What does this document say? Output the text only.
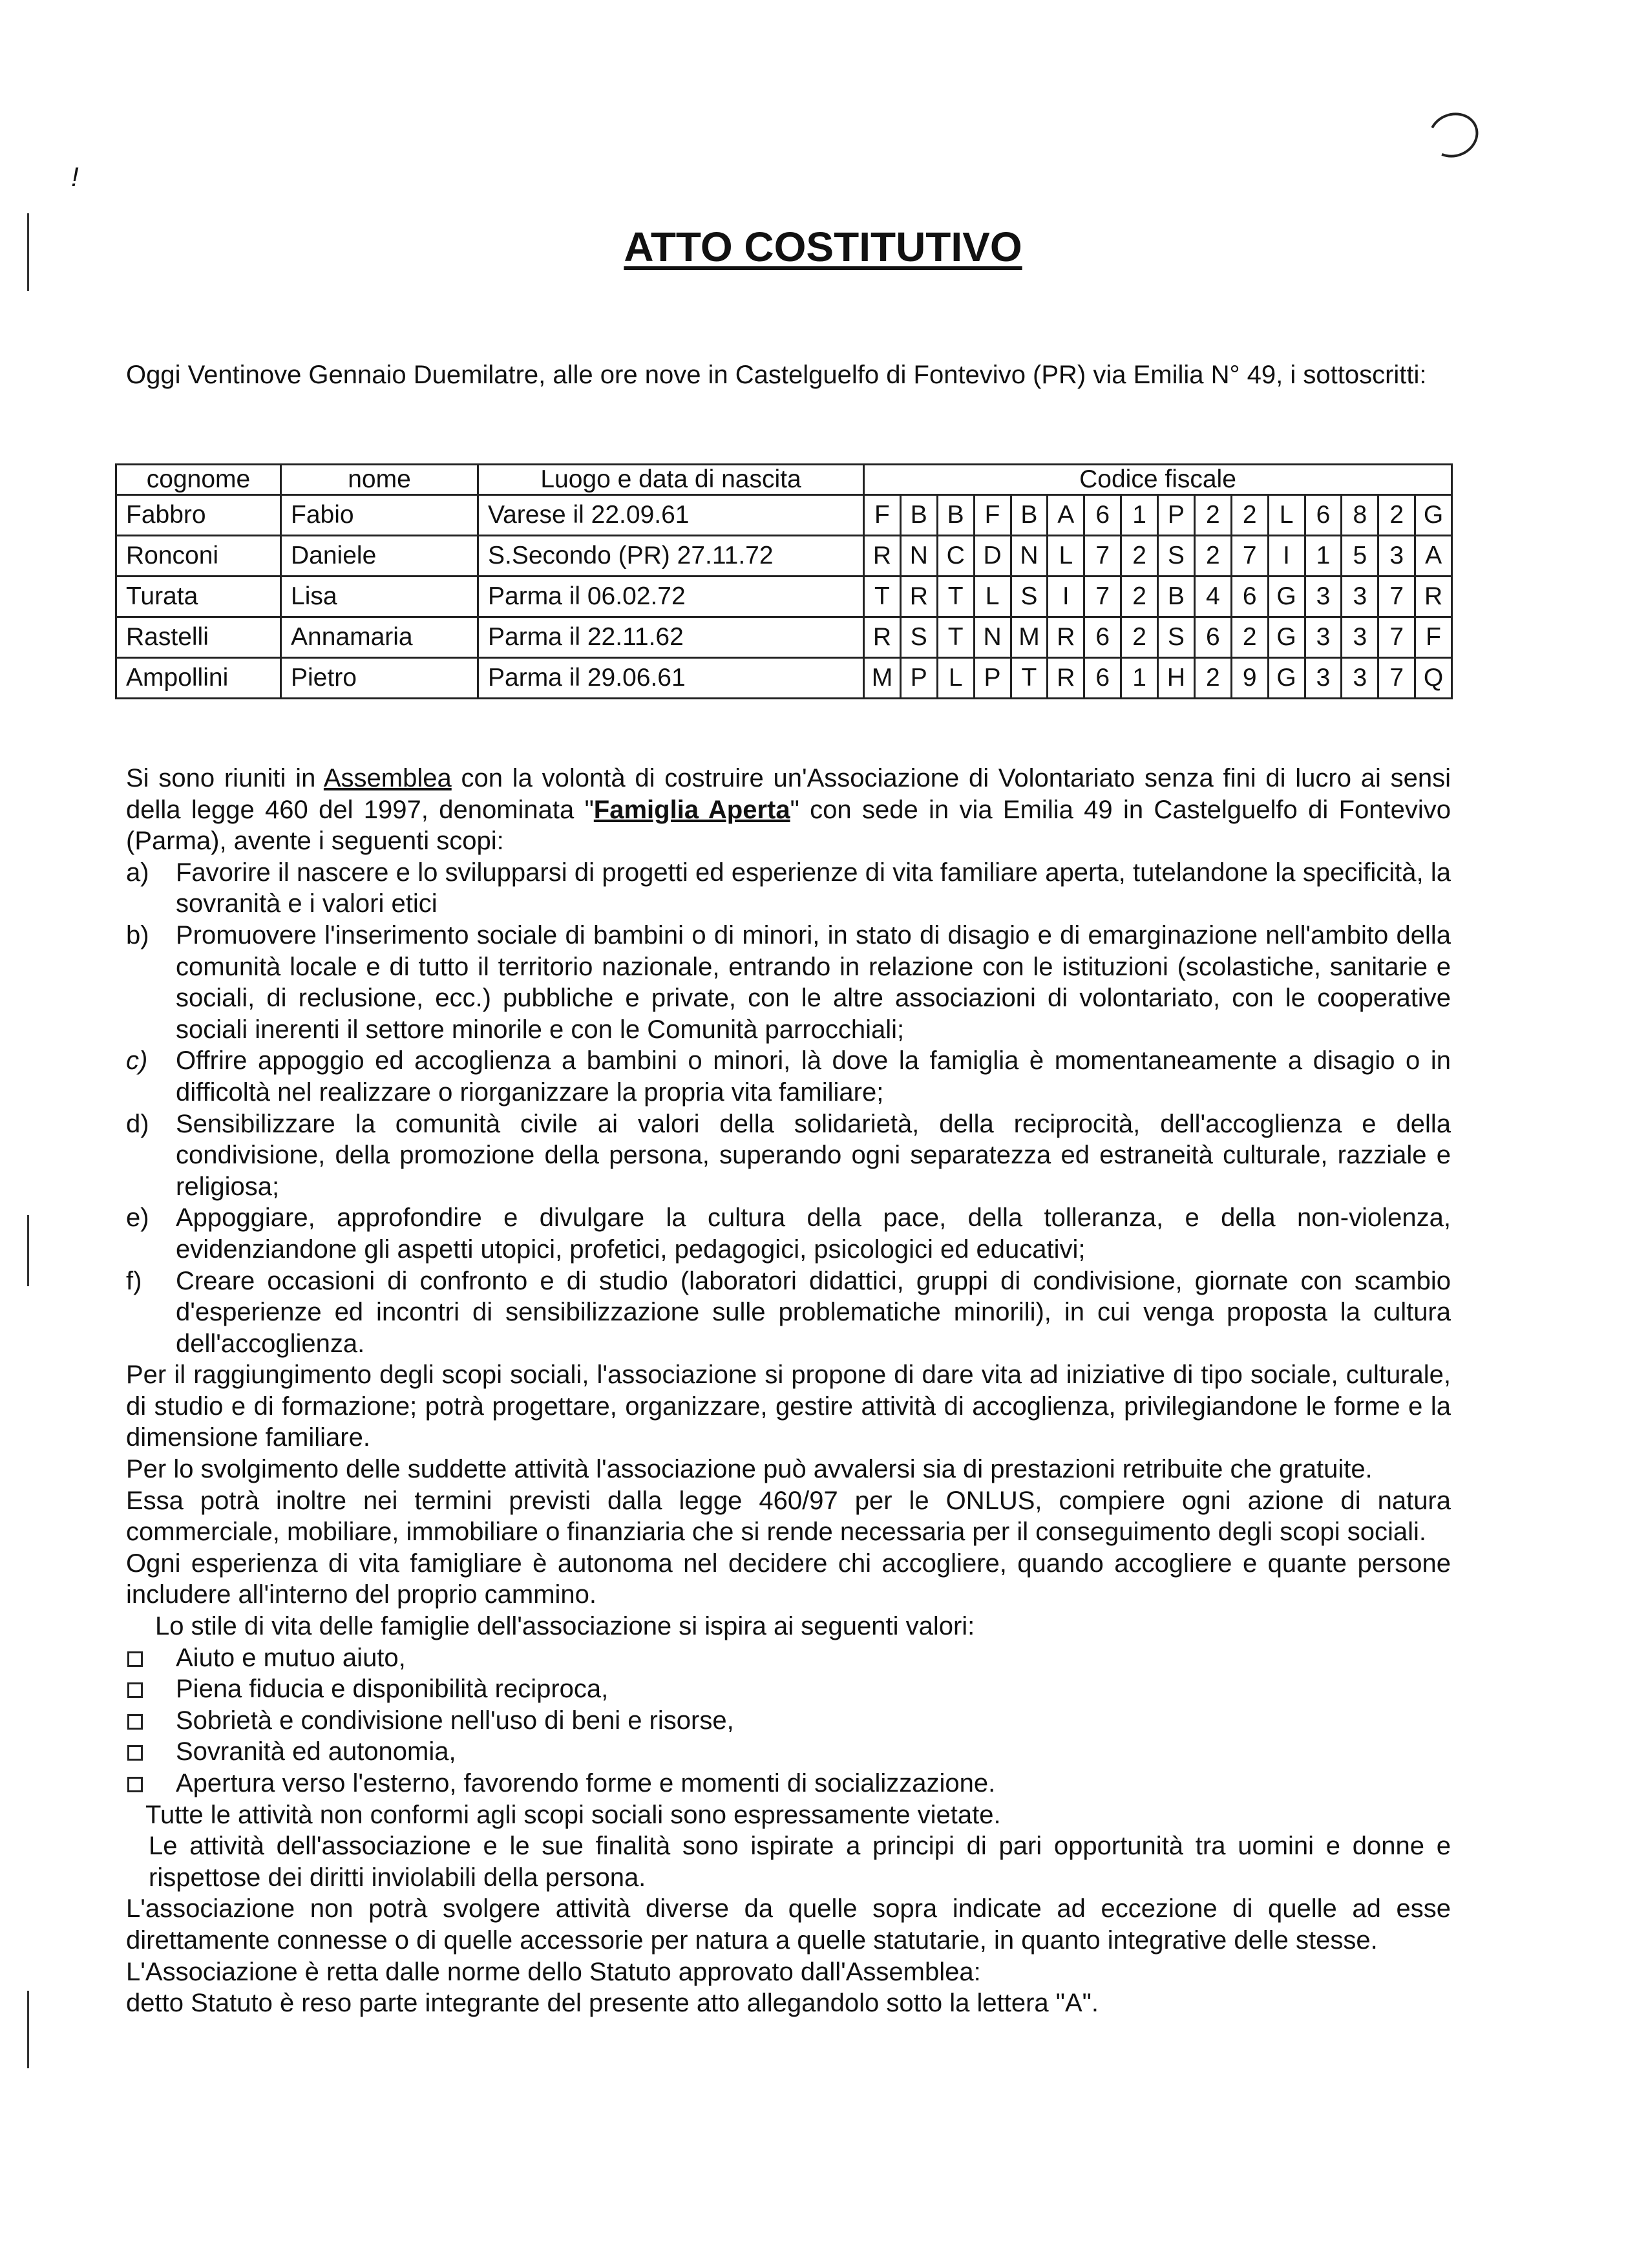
!
ATTO COSTITUTIVO
Oggi Ventinove Gennaio Duemilatre, alle ore nove in Castelguelfo di Fontevivo (PR) via Emilia N° 49, i sottoscritti:
cognome	nome	Luogo e data di nascita	Codice fiscale															
Fabbro	Fabio	Varese il 22.09.61	F	B	B	F	B	A	6	1	P	2	2	L	6	8	2	G
Ronconi	Daniele	S.Secondo (PR) 27.11.72	R	N	C	D	N	L	7	2	S	2	7	I	1	5	3	A
Turata	Lisa	Parma il 06.02.72	T	R	T	L	S	I	7	2	B	4	6	G	3	3	7	R
Rastelli	Annamaria	Parma il 22.11.62	R	S	T	N	M	R	6	2	S	6	2	G	3	3	7	F
Ampollini	Pietro	Parma il 29.06.61	M	P	L	P	T	R	6	1	H	2	9	G	3	3	7	Q

Si sono riuniti in Assemblea con la volontà di costruire un'Associazione di Volontariato senza fini di lucro ai sensi della legge 460 del 1997, denominata "Famiglia Aperta" con sede in via Emilia 49 in Castelguelfo di Fontevivo (Parma), avente i seguenti scopi:

a) Favorire il nascere e lo svilupparsi di progetti ed esperienze di vita familiare aperta, tutelandone la specificità, la sovranità e i valori etici
b) Promuovere l'inserimento sociale di bambini o di minori, in stato di disagio e di emarginazione nell'ambito della comunità locale e di tutto il territorio nazionale, entrando in relazione con le istituzioni (scolastiche, sanitarie e sociali, di reclusione, ecc.) pubbliche e private, con le altre associazioni di volontariato, con le cooperative sociali inerenti il settore minorile e con le Comunità parrocchiali;
c) Offrire appoggio ed accoglienza a bambini o minori, là dove la famiglia è momentaneamente a disagio o in difficoltà nel realizzare o riorganizzare la propria vita familiare;
d) Sensibilizzare la comunità civile ai valori della solidarietà, della reciprocità, dell'accoglienza e della condivisione, della promozione della persona, superando ogni separatezza ed estraneità culturale, razziale e religiosa;
e) Appoggiare, approfondire e divulgare la cultura della pace, della tolleranza, e della non-violenza, evidenziandone gli aspetti utopici, profetici, pedagogici, psicologici ed educativi;
f) Creare occasioni di confronto e di studio (laboratori didattici, gruppi di condivisione, giornate con scambio d'esperienze ed incontri di sensibilizzazione sulle problematiche minorili), in cui venga proposta la cultura dell'accoglienza.

Per il raggiungimento degli scopi sociali, l'associazione si propone di dare vita ad iniziative di tipo sociale, culturale, di studio e di formazione; potrà progettare, organizzare, gestire attività di accoglienza, privilegiandone le forme e la dimensione familiare.

Per lo svolgimento delle suddette attività l'associazione può avvalersi sia di prestazioni retribuite che gratuite.

Essa potrà inoltre nei termini previsti dalla legge 460/97 per le ONLUS, compiere ogni azione di natura commerciale, mobiliare, immobiliare o finanziaria che si rende necessaria per il conseguimento degli scopi sociali.

Ogni esperienza di vita famigliare è autonoma nel decidere chi accogliere, quando accogliere e quante persone includere all'interno del proprio cammino.

Lo stile di vita delle famiglie dell'associazione si ispira ai seguenti valori:

Aiuto e mutuo aiuto,
Piena fiducia e disponibilità reciproca,
Sobrietà e condivisione nell'uso di beni e risorse,
Sovranità ed autonomia,
Apertura verso l'esterno, favorendo forme e momenti di socializzazione.

Tutte le attività non conformi agli scopi sociali sono espressamente vietate.

Le attività dell'associazione e le sue finalità sono ispirate a principi di pari opportunità tra uomini e donne e rispettose dei diritti inviolabili della persona.

L'associazione non potrà svolgere attività diverse da quelle sopra indicate ad eccezione di quelle ad esse direttamente connesse o di quelle accessorie per natura a quelle statutarie, in quanto integrative delle stesse.

L'Associazione è retta dalle norme dello Statuto approvato dall'Assemblea:

detto Statuto è reso parte integrante del presente atto allegandolo sotto la lettera "A".
